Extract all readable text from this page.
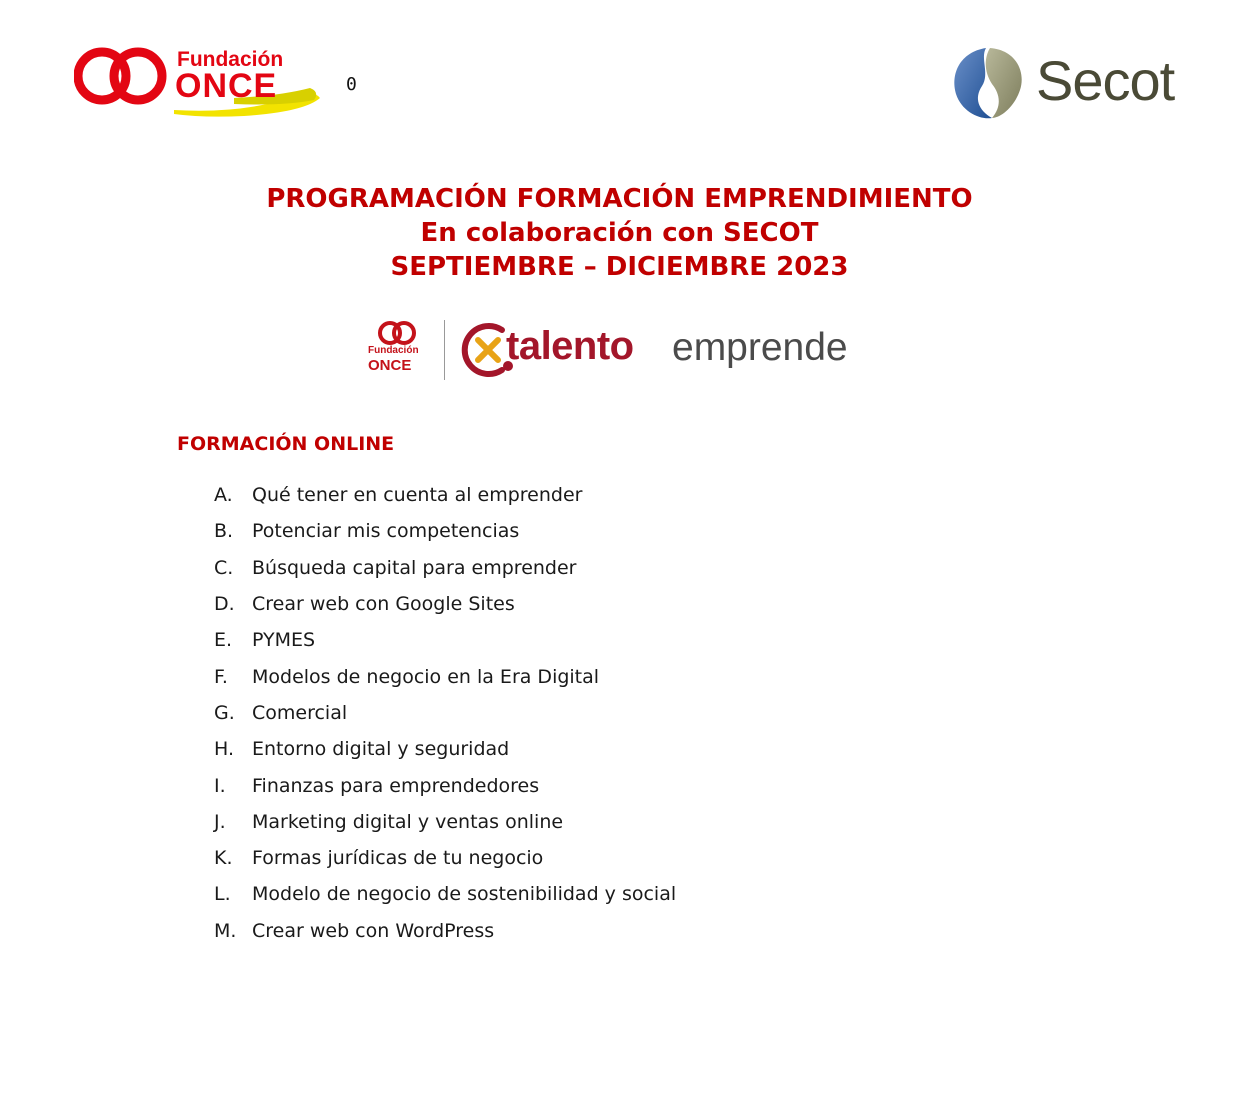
Fundación
ONCE	0	Secot
PROGRAMACIÓN FORMACIÓN EMPRENDIMIENTO
En colaboración con SECOT
SEPTIEMBRE – DICIEMBRE 2023
Fundación
ONCE talento emprende
FORMACIÓN ONLINE
A.	Qué tener en cuenta al emprender
B. Potenciar mis competencias
C. Búsqueda capital para emprender
D. Crear web con Google Sites
E.	PYMES
F.	Modelos de negocio en la Era Digital
G. Comercial
H. Entorno digital y seguridad
I.	Finanzas para emprendedores
J.	Marketing digital y ventas online
K.	Formas jurídicas de tu negocio
L.	Modelo de negocio de sostenibilidad y social
M. Crear web con WordPress
